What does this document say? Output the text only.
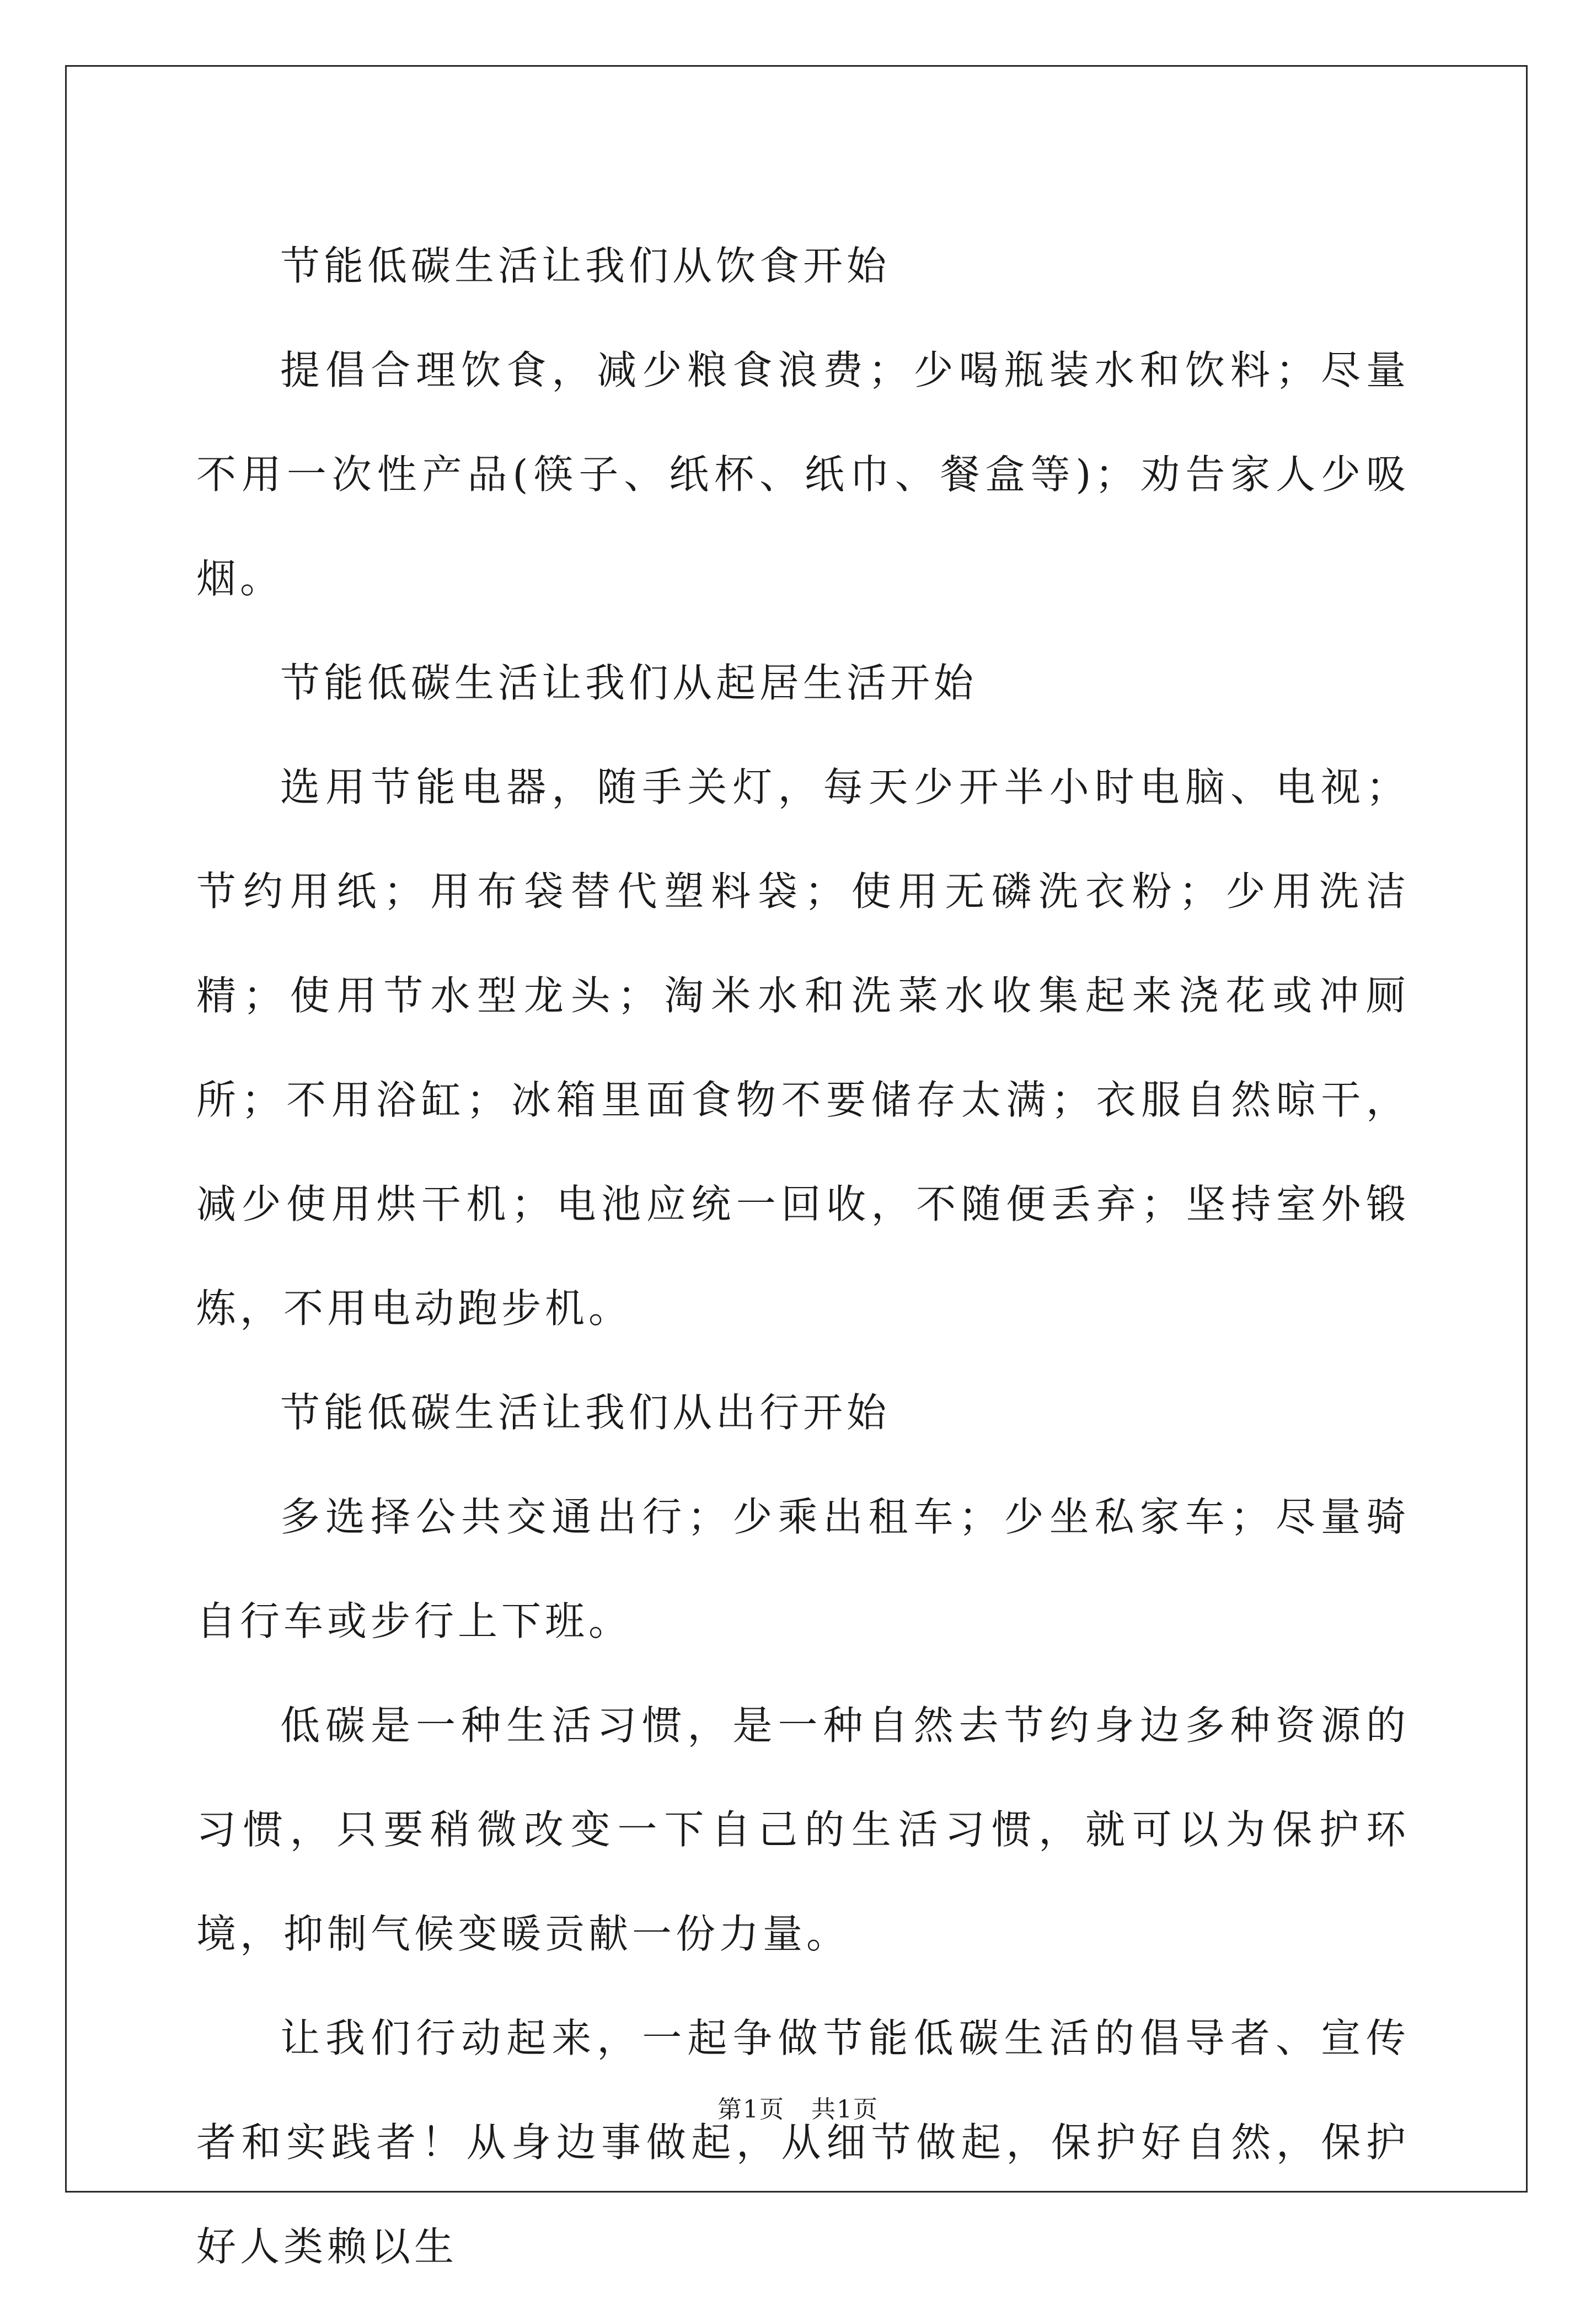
节能低碳生活让我们从饮食开始

提倡合理饮食，减少粮食浪费；少喝瓶装水和饮料；尽量不用一次性产品(筷子、纸杯、纸巾、餐盒等)；劝告家人少吸烟。

节能低碳生活让我们从起居生活开始

选用节能电器，随手关灯，每天少开半小时电脑、电视；节约用纸；用布袋替代塑料袋；使用无磷洗衣粉；少用洗洁精；使用节水型龙头；淘米水和洗菜水收集起来浇花或冲厕所；不用浴缸；冰箱里面食物不要储存太满；衣服自然晾干，减少使用烘干机；电池应统一回收，不随便丢弃；坚持室外锻炼，不用电动跑步机。

节能低碳生活让我们从出行开始

多选择公共交通出行；少乘出租车；少坐私家车；尽量骑自行车或步行上下班。

低碳是一种生活习惯，是一种自然去节约身边多种资源的习惯，只要稍微改变一下自己的生活习惯，就可以为保护环境，抑制气候变暖贡献一份力量。

让我们行动起来，一起争做节能低碳生活的倡导者、宣传者和实践者！从身边事做起，从细节做起，保护好自然，保护好人类赖以生

第1页 共1页
